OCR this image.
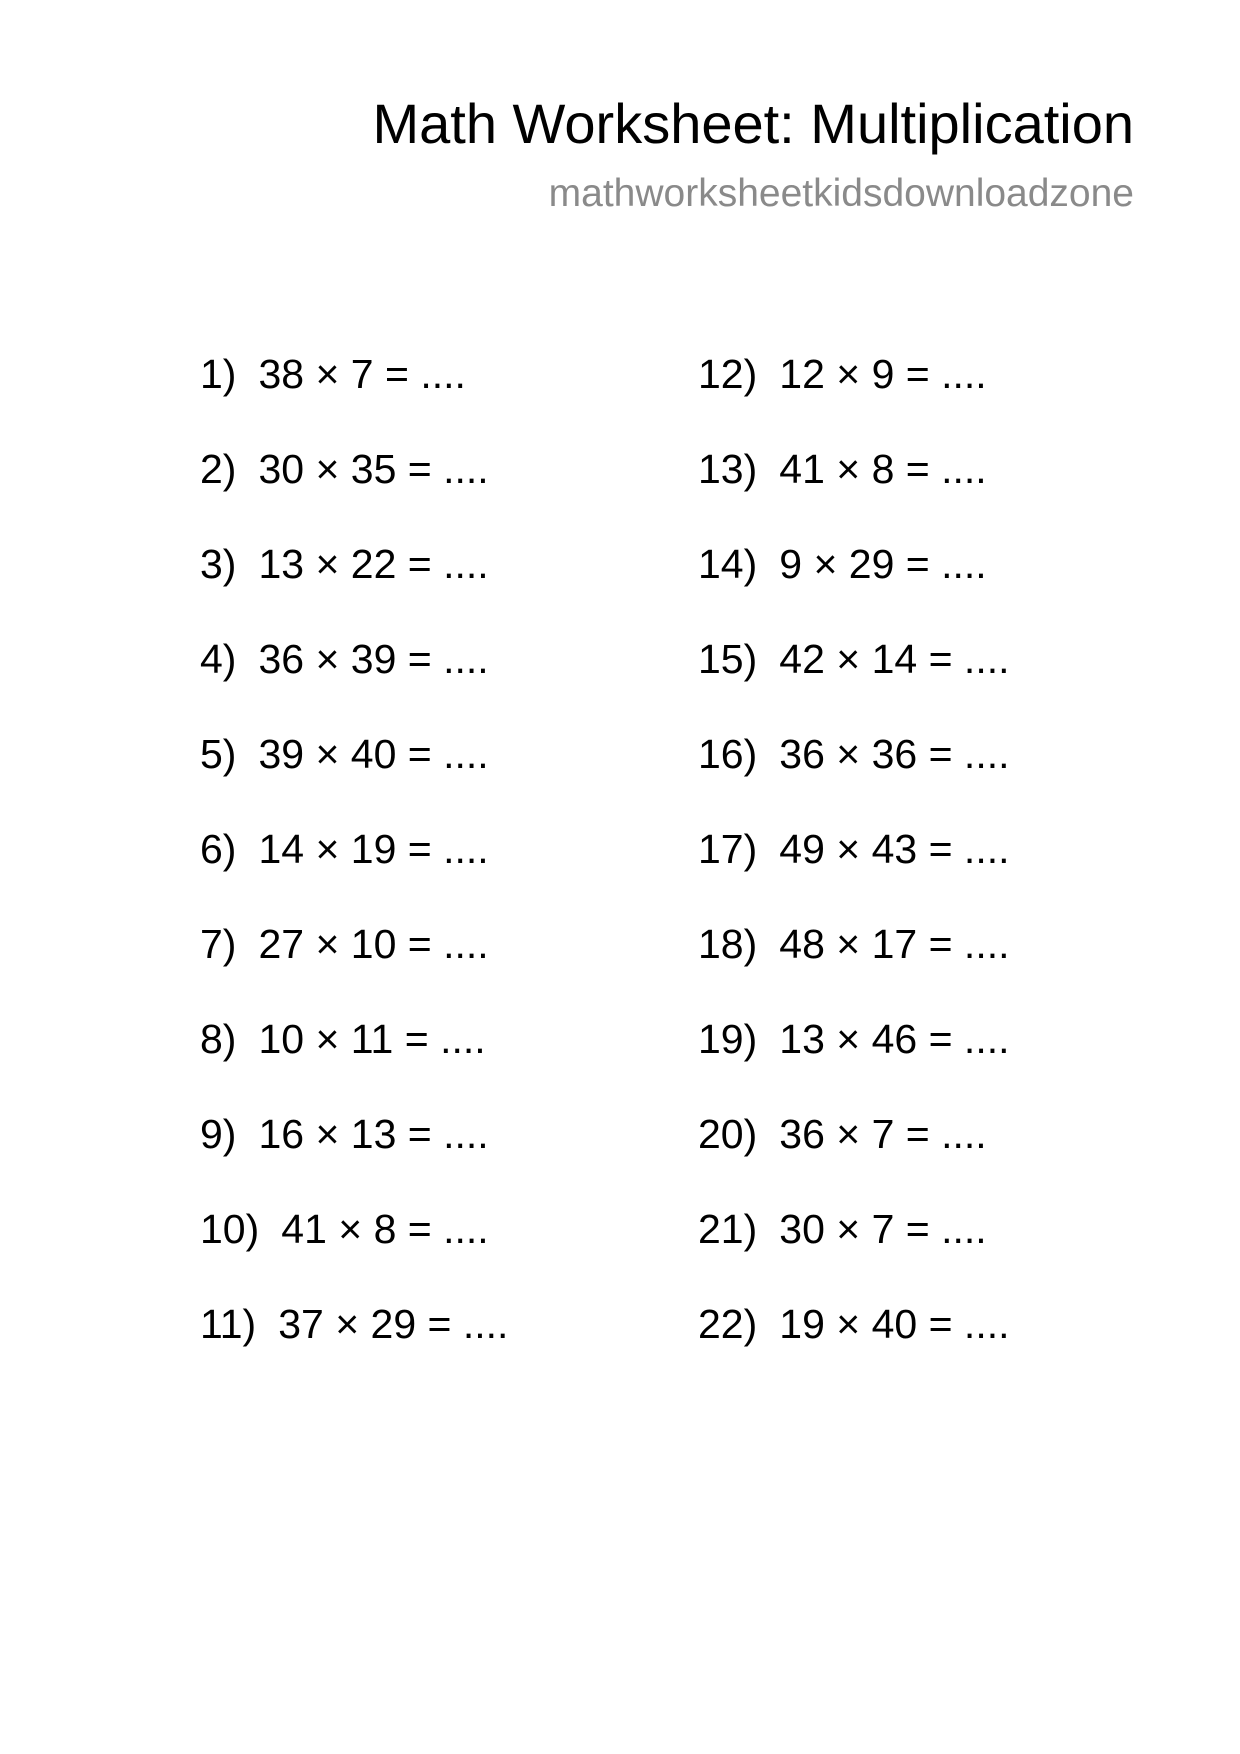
Math Worksheet: Multiplication
mathworksheetkidsdownloadzone
1) 38 × 7 = ....
2) 30 × 35 = ....
3) 13 × 22 = ....
4) 36 × 39 = ....
5) 39 × 40 = ....
6) 14 × 19 = ....
7) 27 × 10 = ....
8) 10 × 11 = ....
9) 16 × 13 = ....
10) 41 × 8 = ....
11) 37 × 29 = ....
12) 12 × 9 = ....
13) 41 × 8 = ....
14) 9 × 29 = ....
15) 42 × 14 = ....
16) 36 × 36 = ....
17) 49 × 43 = ....
18) 48 × 17 = ....
19) 13 × 46 = ....
20) 36 × 7 = ....
21) 30 × 7 = ....
22) 19 × 40 = ....
